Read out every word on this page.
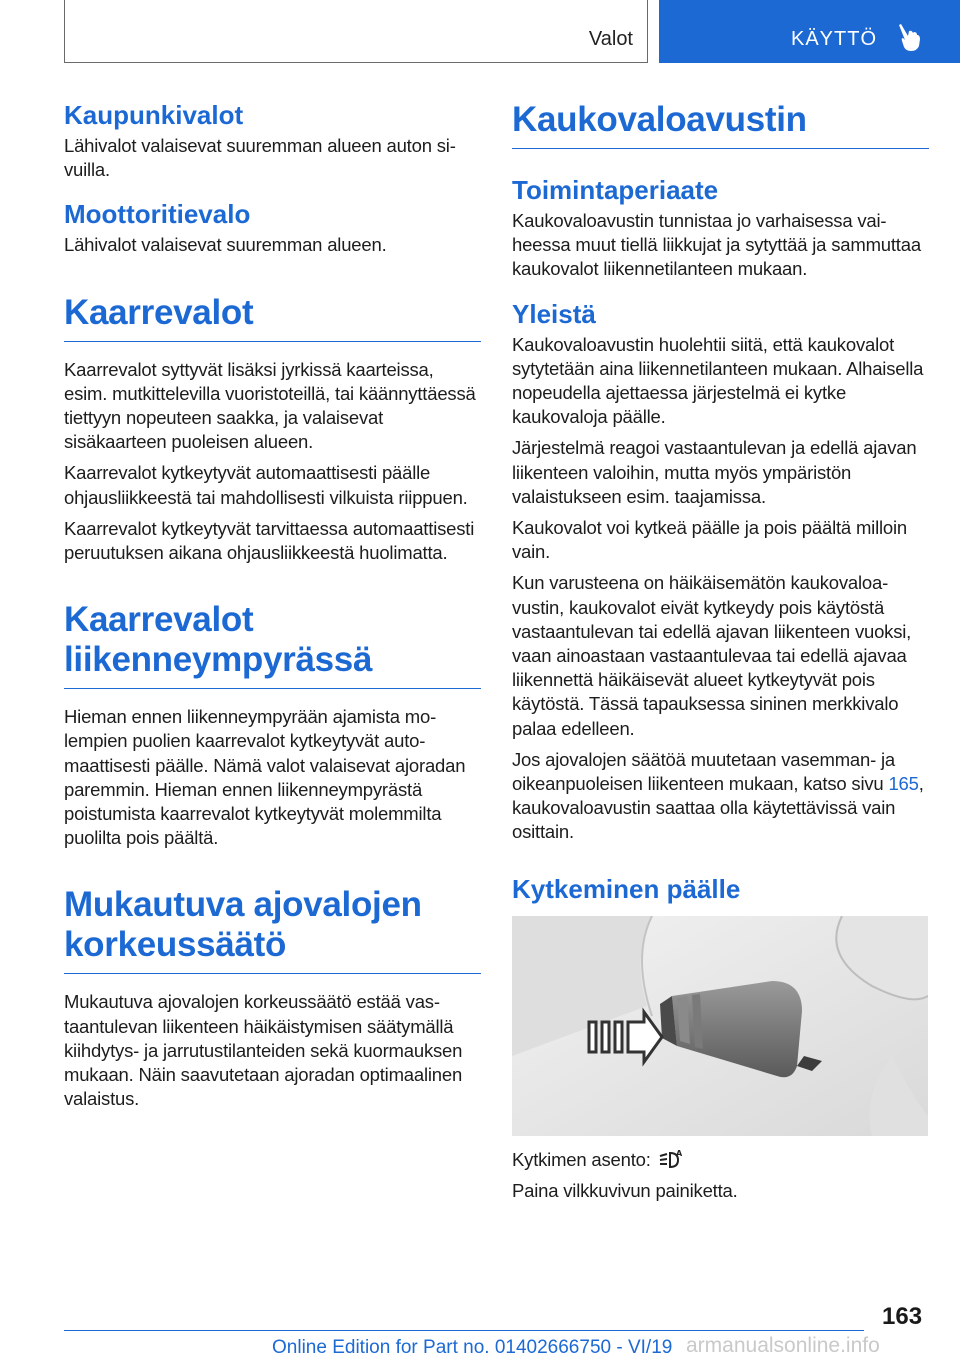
Valot	KÄYTTÖ
Kaupunkivalot
Lähivalot valaisevat suuremman alueen auton sivuilla.
Moottoritievalo
Lähivalot valaisevat suuremman alueen.
Kaarrevalot
Kaarrevalot syttyvät lisäksi jyrkissä kaarteissa, esim. mutkittelevilla vuoristoteillä, tai käännyttäessä tiettyyn nopeuteen saakka, ja valaisevat sisäkaarteen puoleisen alueen.
Kaarrevalot kytkeytyvät automaattisesti päälle ohjausliikkeestä tai mahdollisesti vilkuista riippuen.
Kaarrevalot kytkeytyvät tarvittaessa automaattisesti peruutuksen aikana ohjausliikkeestä huolimatta.
Kaarrevalot
liikenneympyrässä
Hieman ennen liikenneympyrään ajamista molempien puolien kaarrevalot kytkeytyvät automaattisesti päälle. Nämä valot valaisevat ajoradan paremmin. Hieman ennen liikenneympyrästä poistumista kaarrevalot kytkeytyvät molemmilta puolilta pois päältä.
Mukautuva ajovalojen
korkeussäätö
Mukautuva ajovalojen korkeussäätö estää vastaantulevan liikenteen häikäistymisen säätymällä kiihdytys- ja jarrutustilanteiden sekä kuormauksen mukaan. Näin saavutetaan ajoradan optimaalinen valaistus.
Kaukovaloavustin
Toimintaperiaate
Kaukovaloavustin tunnistaa jo varhaisessa vaiheessa muut tiellä liikkujat ja sytyttää ja sammuttaa kaukovalot liikennetilanteen mukaan.
Yleistä
Kaukovaloavustin huolehtii siitä, että kaukovalot sytytetään aina liikennetilanteen mukaan. Alhaisella nopeudella ajettaessa järjestelmä ei kytke kaukovaloja päälle.
Järjestelmä reagoi vastaantulevan ja edellä ajavan liikenteen valoihin, mutta myös ympäristön valaistukseen esim. taajamissa.
Kaukovalot voi kytkeä päälle ja pois päältä milloin vain.
Kun varusteena on häikäisemätön kaukovaloavustin, kaukovalot eivät kytkeydy pois käytöstä vastaantulevan tai edellä ajavan liikenteen vuoksi, vaan ainoastaan vastaantulevaa tai edellä ajavaa liikennettä häikäisevät alueet kytkeytyvät pois käytöstä. Tässä tapauksessa sininen merkkivalo palaa edelleen.
Jos ajovalojen säätöä muutetaan vasemman- ja oikeanpuoleisen liikenteen mukaan, katso sivu 165, kaukovaloavustin saattaa olla käytettävissä vain osittain.
Kytkeminen päälle
Kytkimen asento:	A
Paina vilkkuvivun painiketta.
163
Online Edition for Part no. 01402666750 - VI/19 armanualsonline.info
